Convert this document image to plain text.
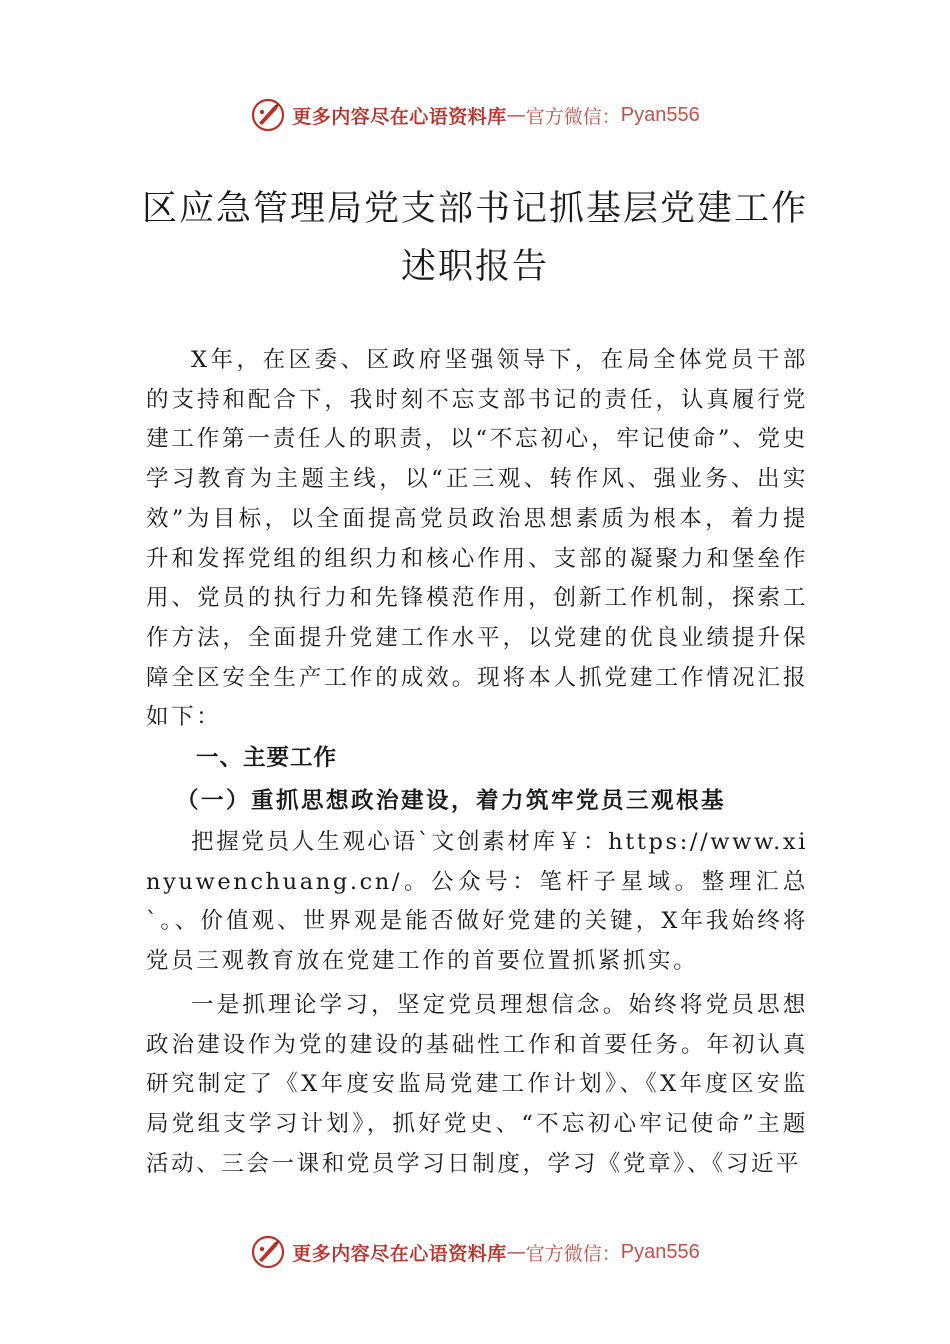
更多内容尽在心语资料库 — 官方微信： Pyan556
区应急管理局党支部书记抓基层党建工作
述职报告

X年，在区委、区政府坚强领导下，在局全体党员干部的支持和配合下，我时刻不忘支部书记的责任，认真履行党建工作第一责任人的职责，以“不忘初心，牢记使命”、党史 学习教育为主题主线，以“正三观、转作风、强业务、出实效”为目标，以全面提高党员政治思想素质为根本，着力提升和发挥党组的组织力和核心作用、支部的凝聚力和堡垒作用、党员的执行力和先锋模范作用，创新工作机制，探索工作方法，全面提升党建工作水平，以党建的优良业绩提升保障全区安全生产工作的成效。现将本人抓党建工作情况汇报如下：

一、主要工作

（一）重抓思想政治建设，着力筑牢党员三观根基

把握党员人生观心语`文创素材库￥：https://www.xinyuwenchuang.cn/。公众号：笔杆子星域。整理汇总`。、价值观、世界观是能否做好党建的关键，X年我始终将党员三观教育放在党建工作的首要位置抓紧抓实。

一是抓理论学习，坚定党员理想信念。始终将党员思想政治建设作为党的建设的基础性工作和首要任务。年初认真研究制定了《X年度安监局党建工作计划》、《X年度区安监局党组支学习计划》，抓好党史、“不忘初心牢记使命”主题活动、三会一课和党员学习日制度，学习《党章》、《习近平

更多内容尽在心语资料库 — 官方微信： Pyan556
